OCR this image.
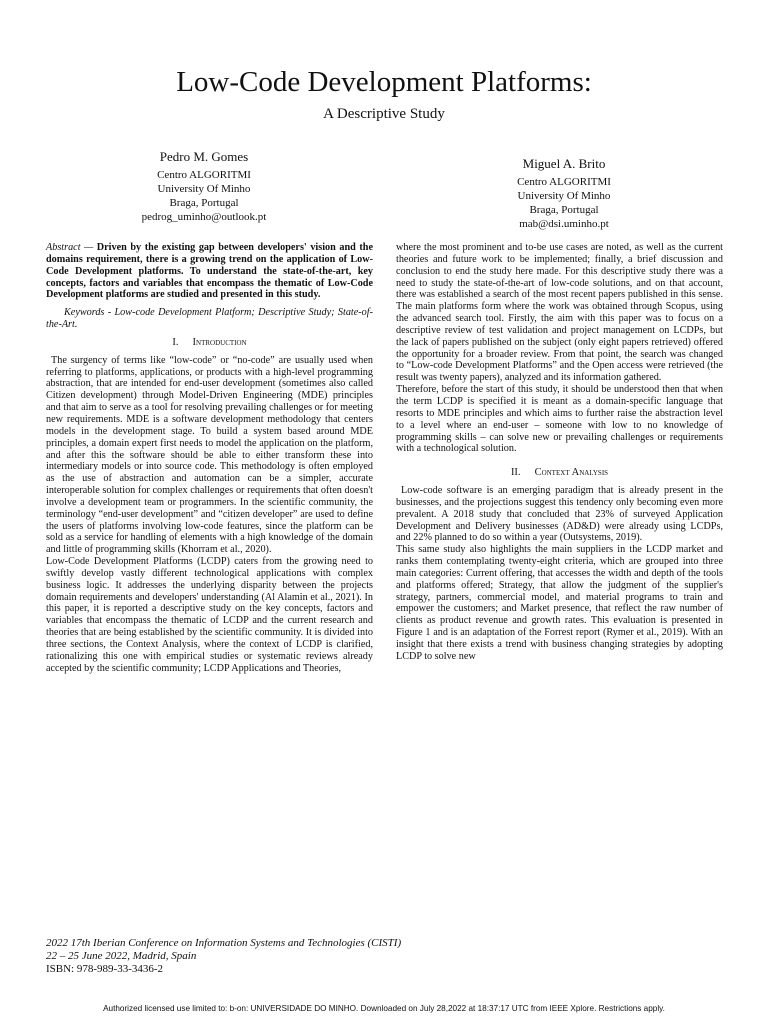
Low-Code Development Platforms:
A Descriptive Study
Pedro M. Gomes
Centro ALGORITMI
University Of Minho
Braga, Portugal
pedrog_uminho@outlook.pt
Miguel A. Brito
Centro ALGORITMI
University Of Minho
Braga, Portugal
mab@dsi.uminho.pt

Abstract — Driven by the existing gap between developers' vision and the domains requirement, there is a growing trend on the application of Low-Code Development platforms. To understand the state-of-the-art, key concepts, factors and variables that encompass the thematic of Low-Code Development platforms are studied and presented in this study.

Keywords - Low-code Development Platform; Descriptive Study; State-of-the-Art.

I. Introduction

The surgency of terms like “low-code” or “no-code” are usually used when referring to platforms, applications, or products with a high-level programming abstraction, that are intended for end-user development (sometimes also called Citizen development) through Model-Driven Engineering (MDE) principles and that aim to serve as a tool for resolving prevailing challenges or for meeting new requirements. MDE is a software development methodology that centers models in the development stage. To build a system based around MDE principles, a domain expert first needs to model the application on the platform, and after this the software should be able to either transform these into intermediary models or into source code. This methodology is often employed as the use of abstraction and automation can be a simpler, accurate interoperable solution for complex challenges or requirements that often doesn't involve a development team or programmers. In the scientific community, the terminology “end-user development” and “citizen developer” are used to define the users of platforms involving low-code features, since the platform can be sold as a service for handling of elements with a high knowledge of the domain and little of programming skills (Khorram et al., 2020).

Low-Code Development Platforms (LCDP) caters from the growing need to swiftly develop vastly different technological applications with complex business logic. It addresses the underlying disparity between the projects domain requirements and developers' understanding (Al Alamin et al., 2021). In this paper, it is reported a descriptive study on the key concepts, factors and variables that encompass the thematic of LCDP and the current research and theories that are being established by the scientific community. It is divided into three sections, the Context Analysis, where the context of LCDP is clarified, rationalizing this one with empirical studies or systematic reviews already accepted by the scientific community; LCDP Applications and Theories,

where the most prominent and to-be use cases are noted, as well as the current theories and future work to be implemented; finally, a brief discussion and conclusion to end the study here made. For this descriptive study there was a need to study the state-of-the-art of low-code solutions, and on that account, there was established a search of the most recent papers published in this sense. The main platforms form where the work was obtained through Scopus, using the advanced search tool. Firstly, the aim with this paper was to focus on a descriptive review of test validation and project management on LCDPs, but the lack of papers published on the subject (only eight papers retrieved) offered the opportunity for a broader review. From that point, the search was changed to “Low-code Development Platforms” and the Open access were retrieved (the result was twenty papers), analyzed and its information gathered.

Therefore, before the start of this study, it should be understood then that when the term LCDP is specified it is meant as a domain-specific language that resorts to MDE principles and which aims to further raise the abstraction level to a level where an end-user – someone with low to no knowledge of programming skills – can solve new or prevailing challenges or requirements with a technological solution.

II. Context Analysis

Low-code software is an emerging paradigm that is already present in the businesses, and the projections suggest this tendency only becoming even more prevalent. A 2018 study that concluded that 23% of surveyed Application Development and Delivery businesses (AD&D) were already using LCDPs, and 22% planned to do so within a year (Outsystems, 2019).

This same study also highlights the main suppliers in the LCDP market and ranks them contemplating twenty-eight criteria, which are grouped into three main categories: Current offering, that accesses the width and depth of the tools and platforms offered; Strategy, that allow the judgment of the supplier's strategy, partners, commercial model, and material programs to train and empower the customers; and Market presence, that reflect the raw number of clients as product revenue and growth rates. This evaluation is presented in Figure 1 and is an adaptation of the Forrest report (Rymer et al., 2019). With an insight that there exists a trend with business changing strategies by adopting LCDP to solve new

2022 17th Iberian Conference on Information Systems and Technologies (CISTI)
22 – 25 June 2022, Madrid, Spain
ISBN: 978-989-33-3436-2
Authorized licensed use limited to: b-on: UNIVERSIDADE DO MINHO. Downloaded on July 28,2022 at 18:37:17 UTC from IEEE Xplore. Restrictions apply.
